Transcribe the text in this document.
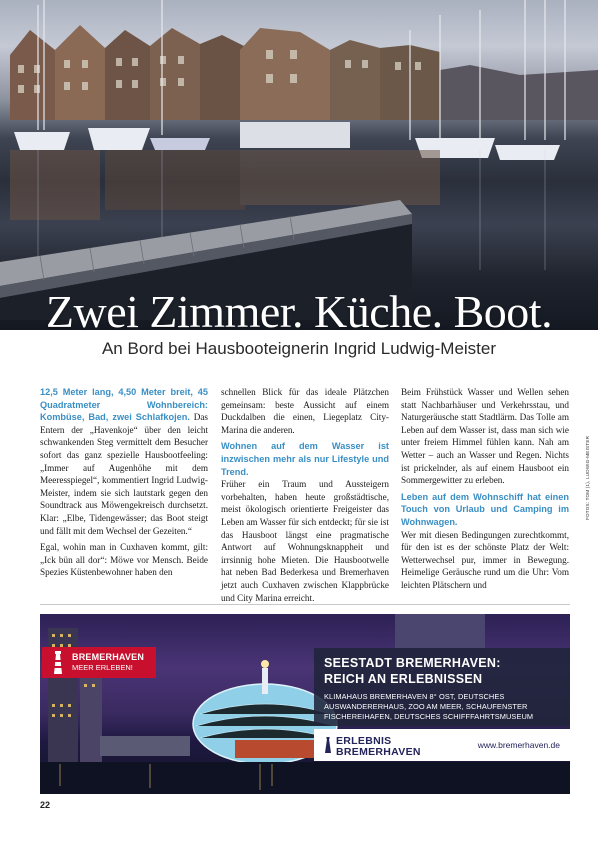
Zwei Zimmer. Küche. Boot.
An Bord bei Hausbooteignerin Ingrid Ludwig-Meister

12,5 Meter lang, 4,50 Meter breit, 45 Quadratmeter Wohnbereich: Kombüse, Bad, zwei Schlafkojen. Das Entern der „Havenkoje“ über den leicht schwankenden Steg vermittelt dem Besucher sofort das ganz spezielle Hausbootfeeling: „Immer auf Augenhöhe mit dem Meeresspiegel“, kommentiert Ingrid Ludwig-Meister, indem sie sich lautstark gegen den Soundtrack aus Möwengekreisch durchsetzt. Klar: „Elbe, Tidengewässer; das Boot steigt und fällt mit dem Wechsel der Gezeiten.“

Egal, wohin man in Cuxhaven kommt, gilt: „Ick bün all dor“: Möwe vor Mensch. Beide Spezies Küstenbewohner haben den

schnellen Blick für das ideale Plätzchen gemeinsam: beste Aussicht auf einem Duckdalben die einen, Liegeplatz City-Marina die anderen.

Wohnen auf dem Wasser ist inzwischen mehr als nur Lifestyle und Trend.
Früher ein Traum und Aussteigern vorbehalten, haben heute großstädtische, meist ökologisch orientierte Freigeister das Leben am Wasser für sich entdeckt; für sie ist das Hausboot längst eine pragmatische Antwort auf Wohnungsknappheit und irrsinnig hohe Mieten. Die Hausbootwelle hat neben Bad Bederkesa und Bremerhaven jetzt auch Cuxhaven zwischen Klappbrücke und City Marina erreicht.

Beim Frühstück Wasser und Wellen sehen statt Nachbarhäuser und Verkehrsstau, und Naturgeräusche statt Stadtlärm. Das Tolle am Leben auf dem Wasser ist, dass man sich wie unter freiem Himmel fühlen kann. Nah am Wetter – auch an Wasser und Regen. Nichts ist prickelnder, als auf einem Hausboot ein Sommergewitter zu erleben.

Leben auf dem Wohnschiff hat einen Touch von Urlaub und Camping im Wohnwagen.
Wer mit diesen Bedingungen zurechtkommt, für den ist es der schönste Platz der Welt: Wetterwechsel pur, immer in Bewegung. Heimelige Geräusche rund um die Uhr: Vom leichten Plätschern und

FOTOS: TOM (1), LUDWIG-MEISTER
BREMERHAVEN
MEER ERLEBEN!	SEESTADT BREMERHAVEN:
REICH AN ERLEBNISSEN
KLIMAHAUS BREMERHAVEN 8° OST, DEUTSCHES AUSWANDERERHAUS, ZOO AM MEER, SCHAUFENSTER FISCHEREIHAFEN, DEUTSCHES SCHIFFFAHRTSMUSEUM
ERLEBNIS
BREMERHAVEN
www.bremerhaven.de
22
